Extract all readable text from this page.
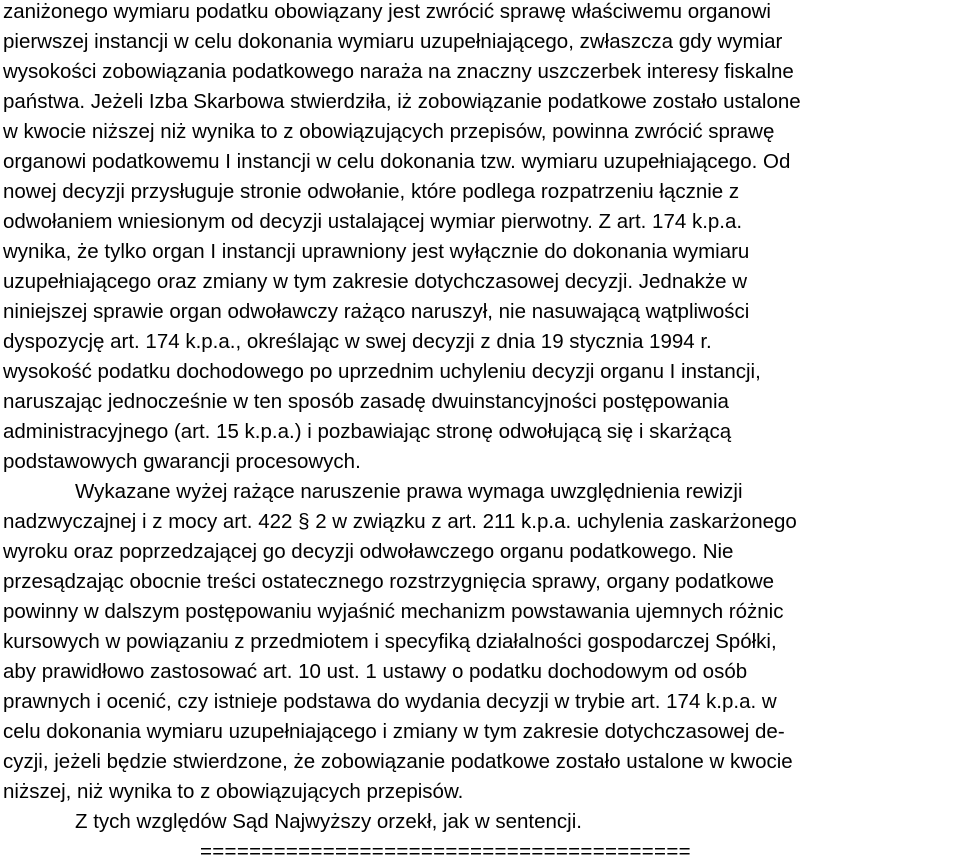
zaniżonego wymiaru podatku obowiązany jest zwrócić sprawę właściwemu organowi

pierwszej instancji w celu dokonania wymiaru uzupełniającego, zwłaszcza gdy wymiar

wysokości zobowiązania podatkowego naraża na znaczny uszczerbek interesy fiskalne

państwa. Jeżeli Izba Skarbowa stwierdziła, iż zobowiązanie podatkowe zostało ustalone

w kwocie niższej niż wynika to z obowiązujących przepisów, powinna zwrócić sprawę

organowi podatkowemu I instancji w celu dokonania tzw. wymiaru uzupełniającego. Od

nowej decyzji przysługuje stronie odwołanie, które podlega rozpatrzeniu łącznie z

odwołaniem wniesionym od decyzji ustalającej wymiar pierwotny. Z art. 174 k.p.a.

wynika, że tylko organ I instancji uprawniony jest wyłącznie do dokonania wymiaru

uzupełniającego oraz zmiany w tym zakresie dotychczasowej decyzji. Jednakże w

niniejszej sprawie organ odwoławczy rażąco naruszył, nie nasuwającą wątpliwości

dyspozycję art. 174 k.p.a., określając w swej decyzji z dnia 19 stycznia 1994 r.

wysokość podatku dochodowego po uprzednim uchyleniu decyzji organu I instancji,

naruszając jednocześnie w ten sposób zasadę dwuinstancyjności postępowania

administracyjnego (art. 15 k.p.a.) i pozbawiając stronę odwołującą się i skarżącą

podstawowych gwarancji procesowych.

Wykazane wyżej rażące naruszenie prawa wymaga uwzględnienia rewizji

nadzwyczajnej i z mocy art. 422 § 2 w związku z art. 211 k.p.a. uchylenia zaskarżonego

wyroku oraz poprzedzającej go decyzji odwoławczego organu podatkowego. Nie

przesądzając obocnie treści ostatecznego rozstrzygnięcia sprawy, organy podatkowe

powinny w dalszym postępowaniu wyjaśnić mechanizm powstawania ujemnych różnic

kursowych w powiązaniu z przedmiotem i specyfiką działalności gospodarczej Spółki,

aby prawidłowo zastosować art. 10 ust. 1 ustawy o podatku dochodowym od osób

prawnych i ocenić, czy istnieje podstawa do wydania decyzji w trybie art. 174 k.p.a. w

celu dokonania wymiaru uzupełniającego i zmiany w tym zakresie dotychczasowej de-

cyzji, jeżeli będzie stwierdzone, że zobowiązanie podatkowe zostało ustalone w kwocie

niższej, niż wynika to z obowiązujących przepisów.

Z tych względów Sąd Najwyższy orzekł, jak w sentencji.

========================================
